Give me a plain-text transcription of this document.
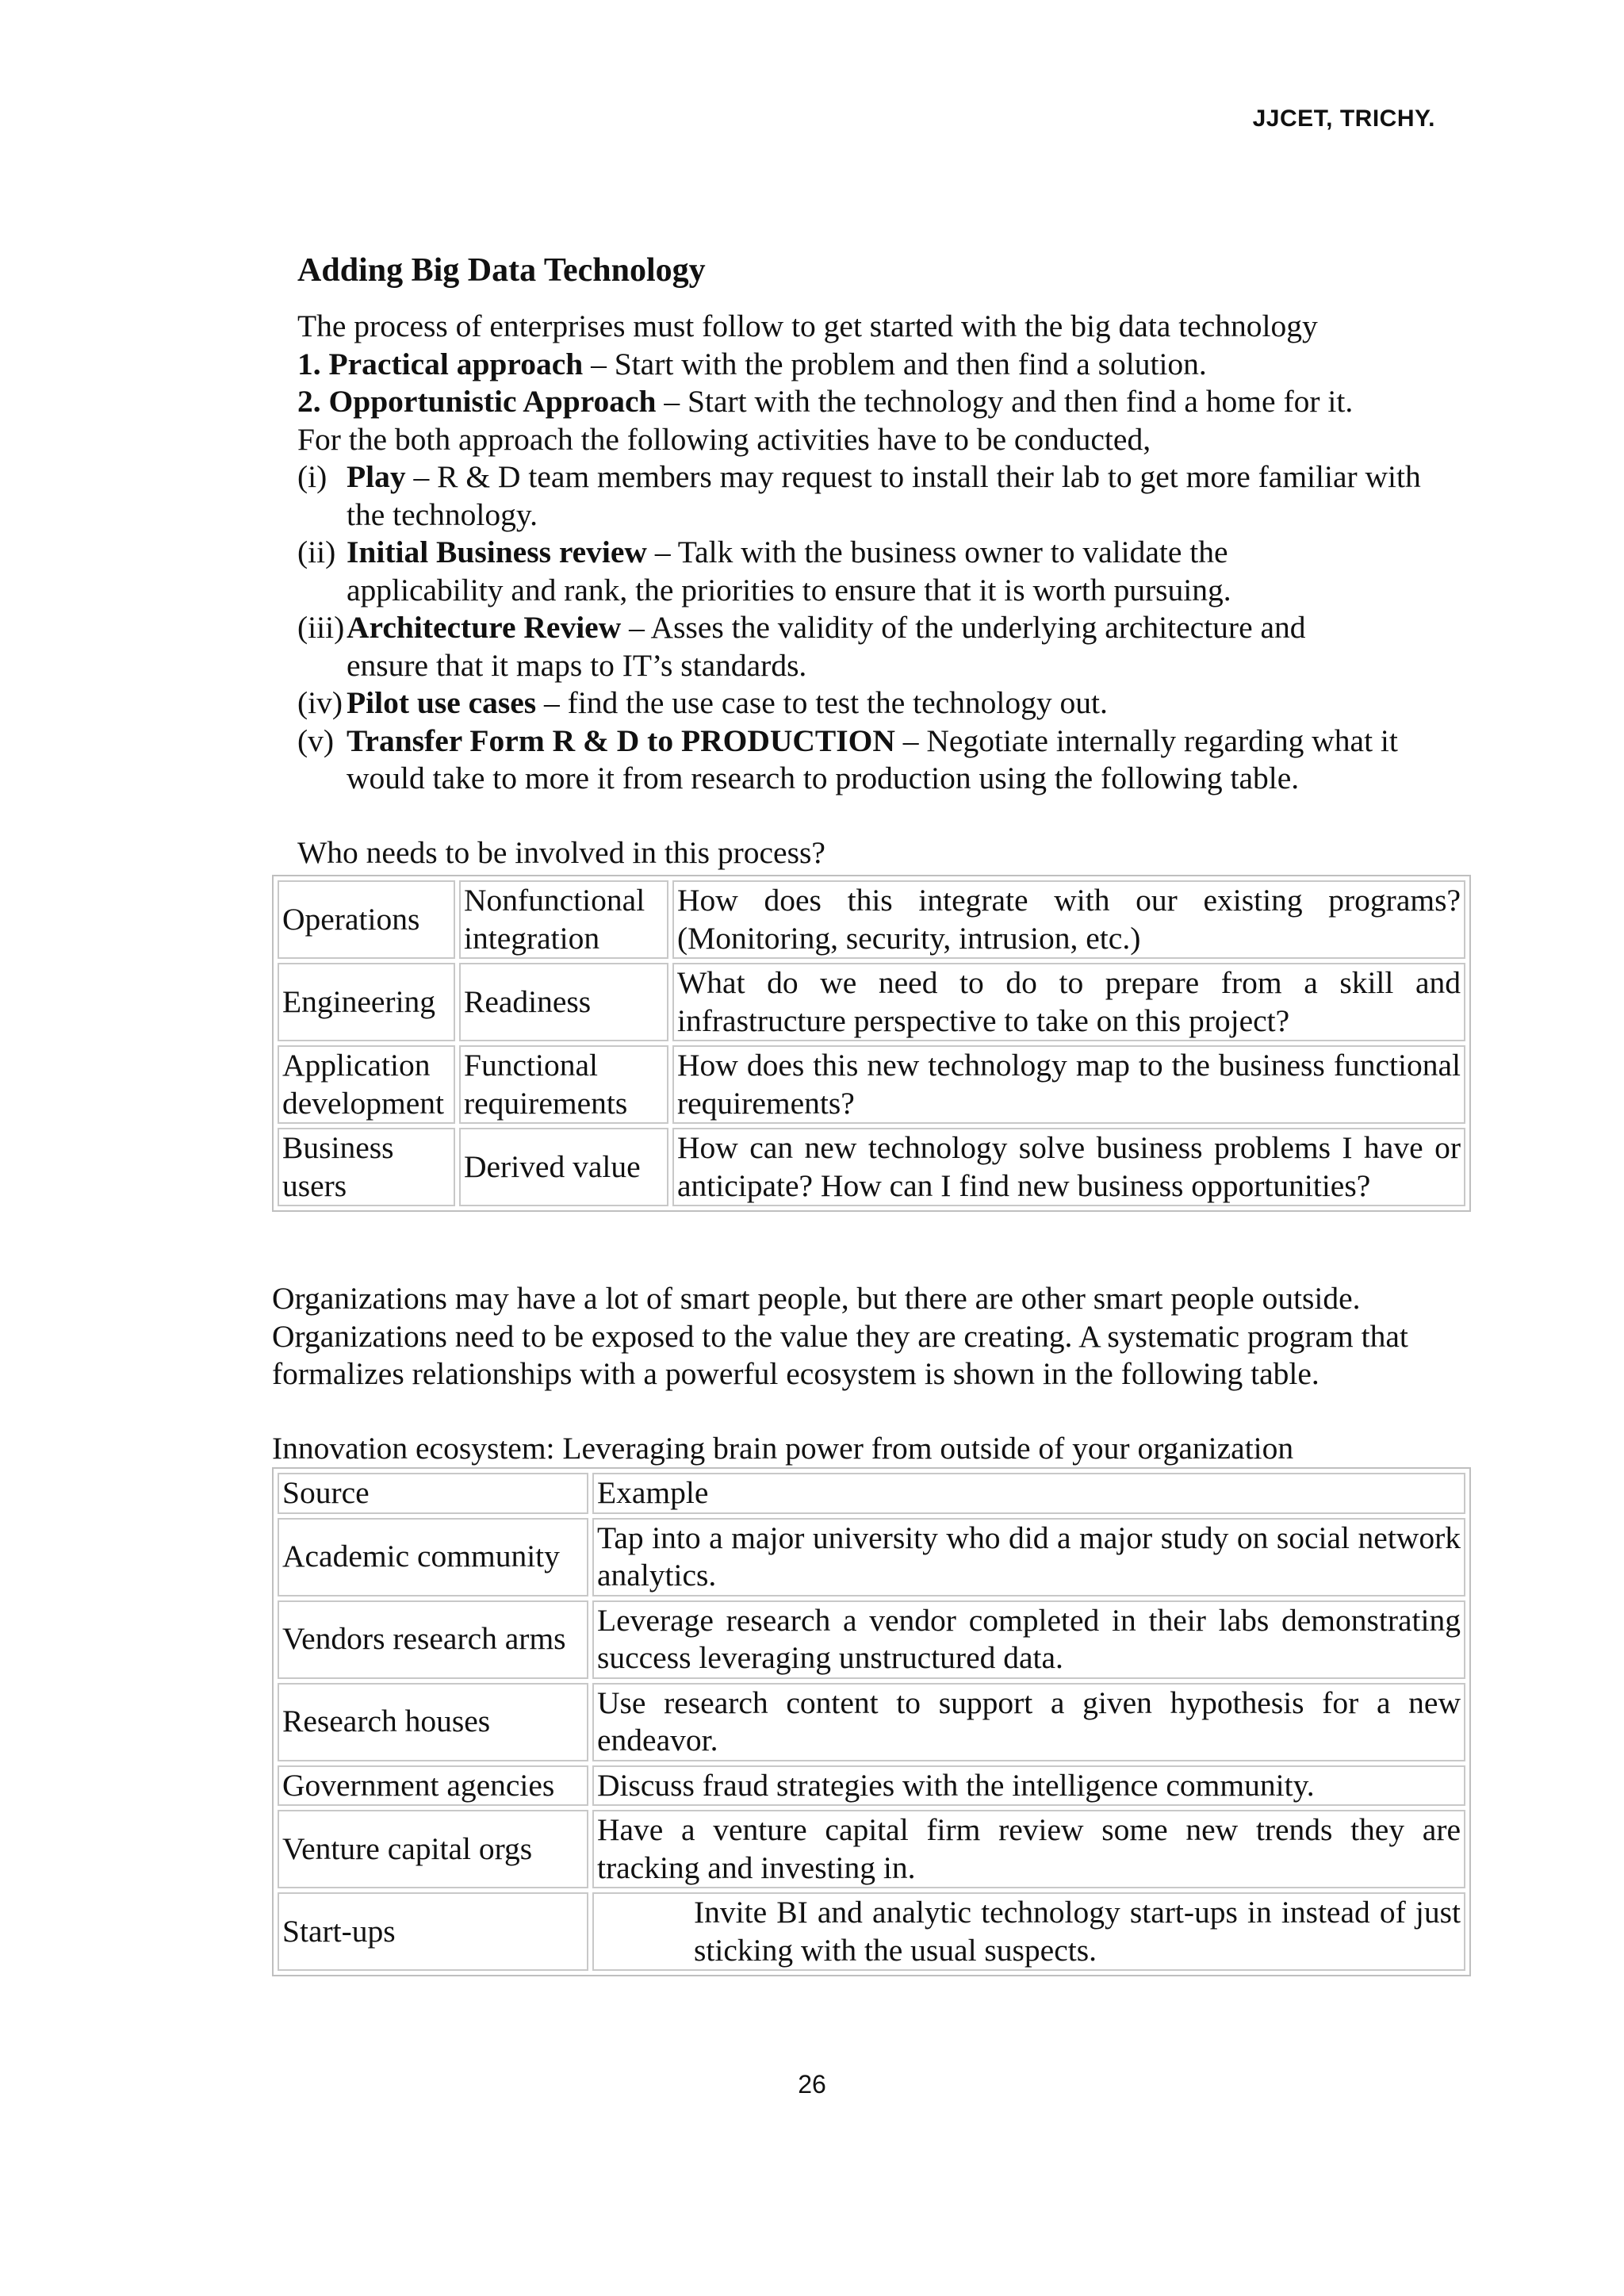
JJCET, TRICHY.
Adding Big Data Technology

The process of enterprises must follow to get started with the big data technology

1. Practical approach – Start with the problem and then find a solution.

2. Opportunistic Approach – Start with the technology and then find a home for it.

For the both approach the following activities have to be conducted,

(i) Play – R & D team members may request to install their lab to get more familiar with the technology.
(ii) Initial Business review – Talk with the business owner to validate the applicability and rank, the priorities to ensure that it is worth pursuing.
(iii) Architecture Review – Asses the validity of the underlying architecture and ensure that it maps to IT’s standards.
(iv) Pilot use cases – find the use case to test the technology out.
(v) Transfer Form R & D to PRODUCTION – Negotiate internally regarding what it would take to more it from research to production using the following table.

Who needs to be involved in this process?

Operations	Nonfunctional integration	How does this integrate with our existing programs? (Monitoring, security, intrusion, etc.)
Engineering	Readiness	What do we need to do to prepare from a skill and infrastructure perspective to take on this project?
Application development	Functional requirements	How does this new technology map to the business functional requirements?
Business users	Derived value	How can new technology solve business problems I have or anticipate? How can I find new business opportunities?

Organizations may have a lot of smart people, but there are other smart people outside. Organizations need to be exposed to the value they are creating. A systematic program that formalizes relationships with a powerful ecosystem is shown in the following table.

Innovation ecosystem: Leveraging brain power from outside of your organization

Source	Example
Academic community	Tap into a major university who did a major study on social network analytics.
Vendors research arms	Leverage research a vendor completed in their labs demonstrating success leveraging unstructured data.
Research houses	Use research content to support a given hypothesis for a new endeavor.
Government agencies	Discuss fraud strategies with the intelligence community.
Venture capital orgs	Have a venture capital firm review some new trends they are tracking and investing in.
Start-ups	Invite BI and analytic technology start-ups in instead of just sticking with the usual suspects.
26
